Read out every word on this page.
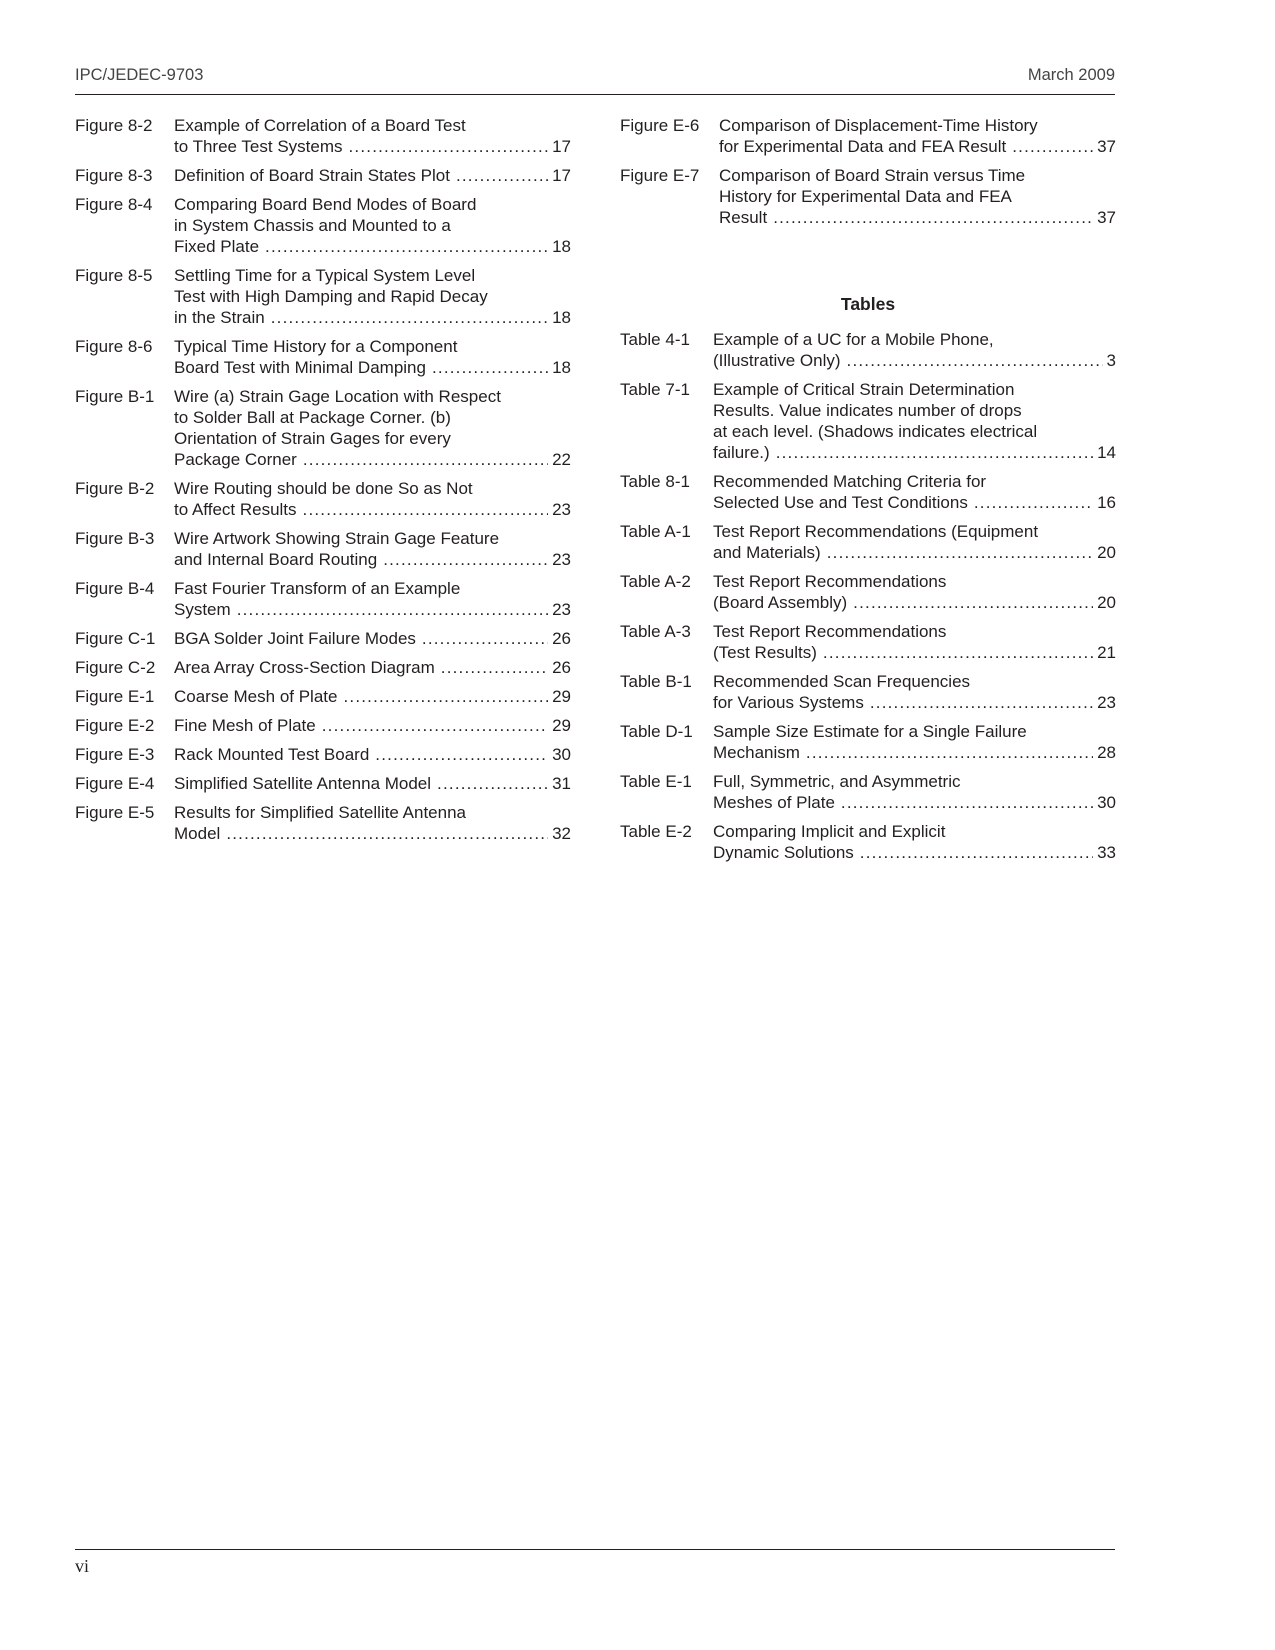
IPC/JEDEC-9703	March 2009
Figure 8-2	Example of Correlation of a Board Test
to Three Test Systems .....	17
Figure 8-3	Definition of Board Strain States Plot .....	17
Figure 8-4	Comparing Board Bend Modes of Board
in System Chassis and Mounted to a
Fixed Plate .....	18
Figure 8-5	Settling Time for a Typical System Level
Test with High Damping and Rapid Decay
in the Strain .....	18
Figure 8-6	Typical Time History for a Component
Board Test with Minimal Damping .....	18
Figure B-1	Wire (a) Strain Gage Location with Respect
to Solder Ball at Package Corner. (b)
Orientation of Strain Gages for every
Package Corner .....	22
Figure B-2	Wire Routing should be done So as Not
to Affect Results .....	23
Figure B-3	Wire Artwork Showing Strain Gage Feature
and Internal Board Routing .....	23
Figure B-4	Fast Fourier Transform of an Example
System .....	23
Figure C-1	BGA Solder Joint Failure Modes .....	26
Figure C-2	Area Array Cross-Section Diagram .....	26
Figure E-1	Coarse Mesh of Plate .....	29
Figure E-2	Fine Mesh of Plate .....	29
Figure E-3	Rack Mounted Test Board .....	30
Figure E-4	Simplified Satellite Antenna Model .....	31
Figure E-5	Results for Simplified Satellite Antenna
Model .....	32
Figure E-6	Comparison of Displacement-Time History
for Experimental Data and FEA Result .....	37
Figure E-7	Comparison of Board Strain versus Time
History for Experimental Data and FEA
Result .....	37
Tables
Table 4-1	Example of a UC for a Mobile Phone,
(Illustrative Only) .....	3
Table 7-1	Example of Critical Strain Determination
Results. Value indicates number of drops
at each level. (Shadows indicates electrical
failure.) .....	14
Table 8-1	Recommended Matching Criteria for
Selected Use and Test Conditions .....	16
Table A-1	Test Report Recommendations (Equipment
and Materials) .....	20
Table A-2	Test Report Recommendations
(Board Assembly) .....	20
Table A-3	Test Report Recommendations
(Test Results) .....	21
Table B-1	Recommended Scan Frequencies
for Various Systems .....	23
Table D-1	Sample Size Estimate for a Single Failure
Mechanism .....	28
Table E-1	Full, Symmetric, and Asymmetric
Meshes of Plate .....	30
Table E-2	Comparing Implicit and Explicit
Dynamic Solutions .....	33
vi
